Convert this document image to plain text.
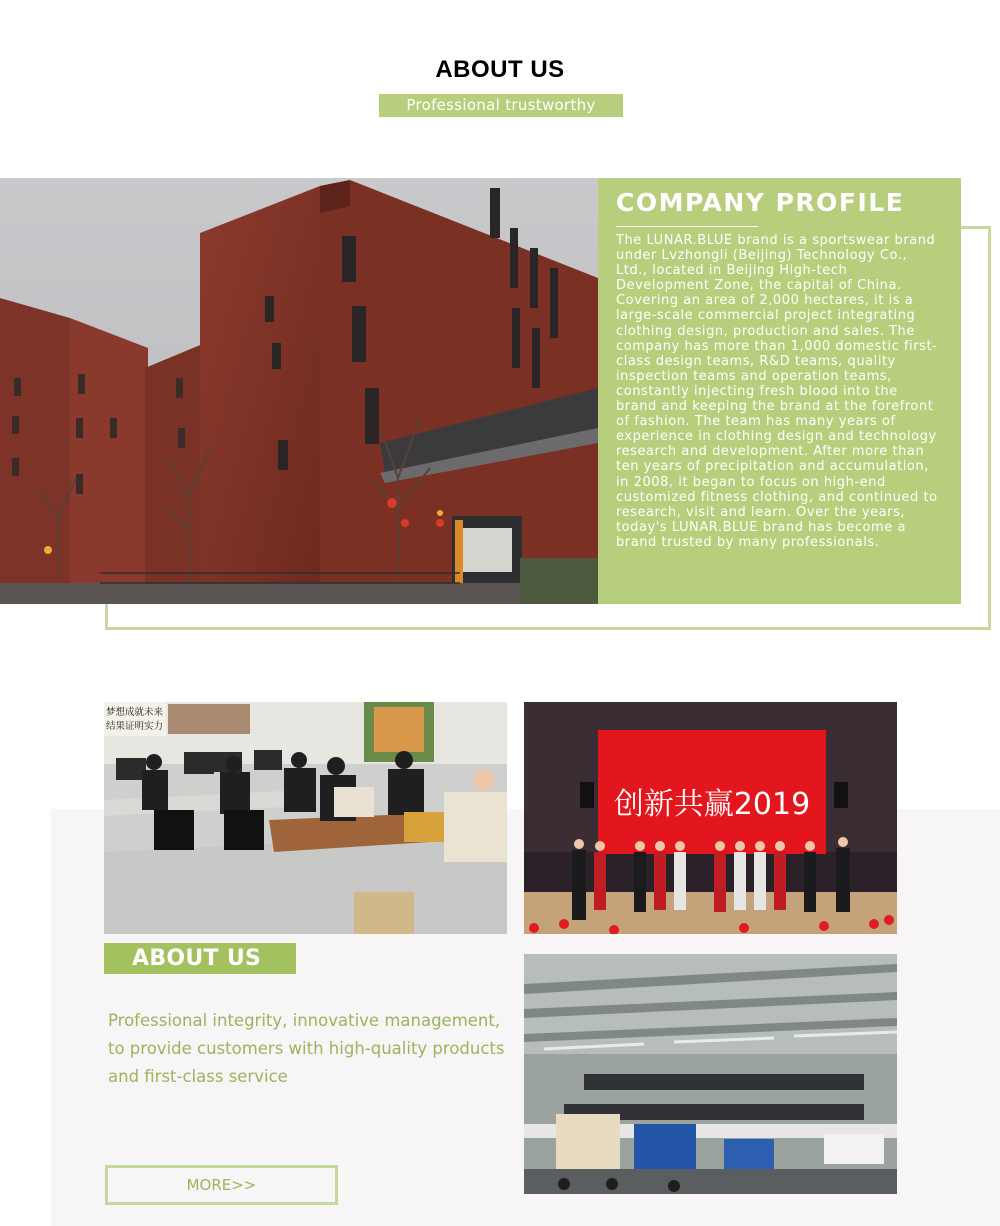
ABOUT US
Professional trustworthy
COMPANY PROFILE

The LUNAR.BLUE brand is a sportswear brand under Lvzhongli (Beijing) Technology Co., Ltd., located in Beijing High-tech Development Zone, the capital of China. Covering an area of 2,000 hectares, it is a large-scale commercial project integrating clothing design, production and sales. The company has more than 1,000 domestic first-class design teams, R&D teams, quality inspection teams and operation teams, constantly injecting fresh blood into the brand and keeping the brand at the forefront of fashion. The team has many years of experience in clothing design and technology research and development. After more than ten years of precipitation and accumulation, in 2008, it began to focus on high-end customized fitness clothing, and continued to research, visit and learn. Over the years, today's LUNAR.BLUE brand has become a brand trusted by many professionals.

梦想成就未来
结果证明实力
创新共赢2019
ABOUT US

Professional integrity, innovative management, to provide customers with high-quality products and first-class service

MORE>>
